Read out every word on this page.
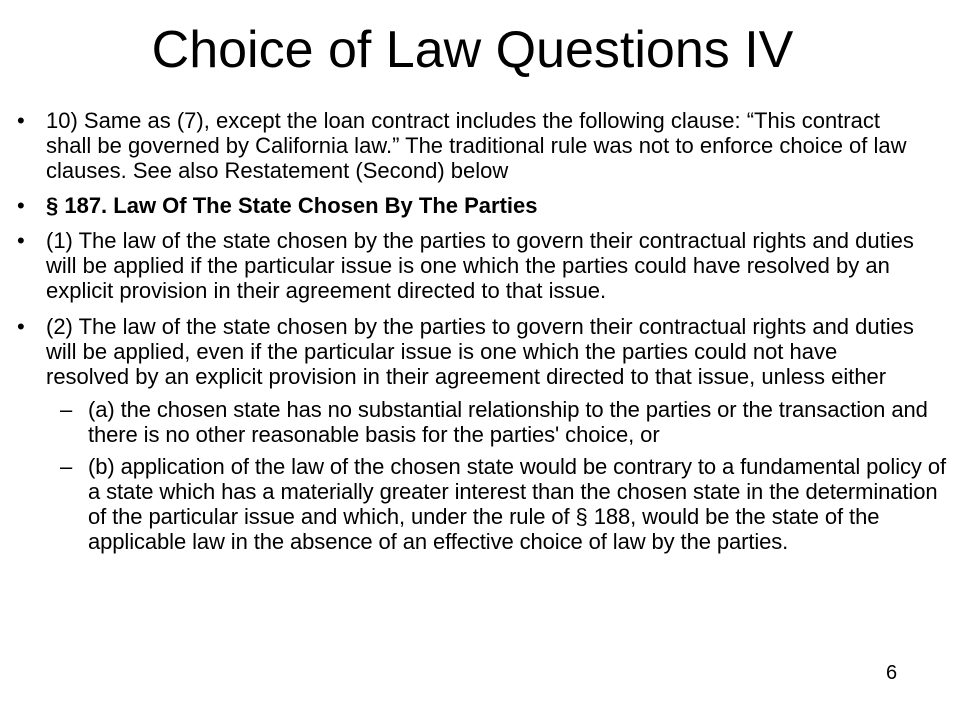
Choice of Law Questions IV
• 10) Same as (7), except the loan contract includes the following clause: “This contract shall be governed by California law.” The traditional rule was not to enforce choice of law clauses. See also Restatement (Second) below
• § 187. Law Of The State Chosen By The Parties
• (1) The law of the state chosen by the parties to govern their contractual rights and duties will be applied if the particular issue is one which the parties could have resolved by an explicit provision in their agreement directed to that issue.
• (2) The law of the state chosen by the parties to govern their contractual rights and duties will be applied, even if the particular issue is one which the parties could not have resolved by an explicit provision in their agreement directed to that issue, unless either
– (a) the chosen state has no substantial relationship to the parties or the transaction and there is no other reasonable basis for the parties' choice, or
– (b) application of the law of the chosen state would be contrary to a fundamental policy of a state which has a materially greater interest than the chosen state in the determination of the particular issue and which, under the rule of § 188, would be the state of the applicable law in the absence of an effective choice of law by the parties.
6
